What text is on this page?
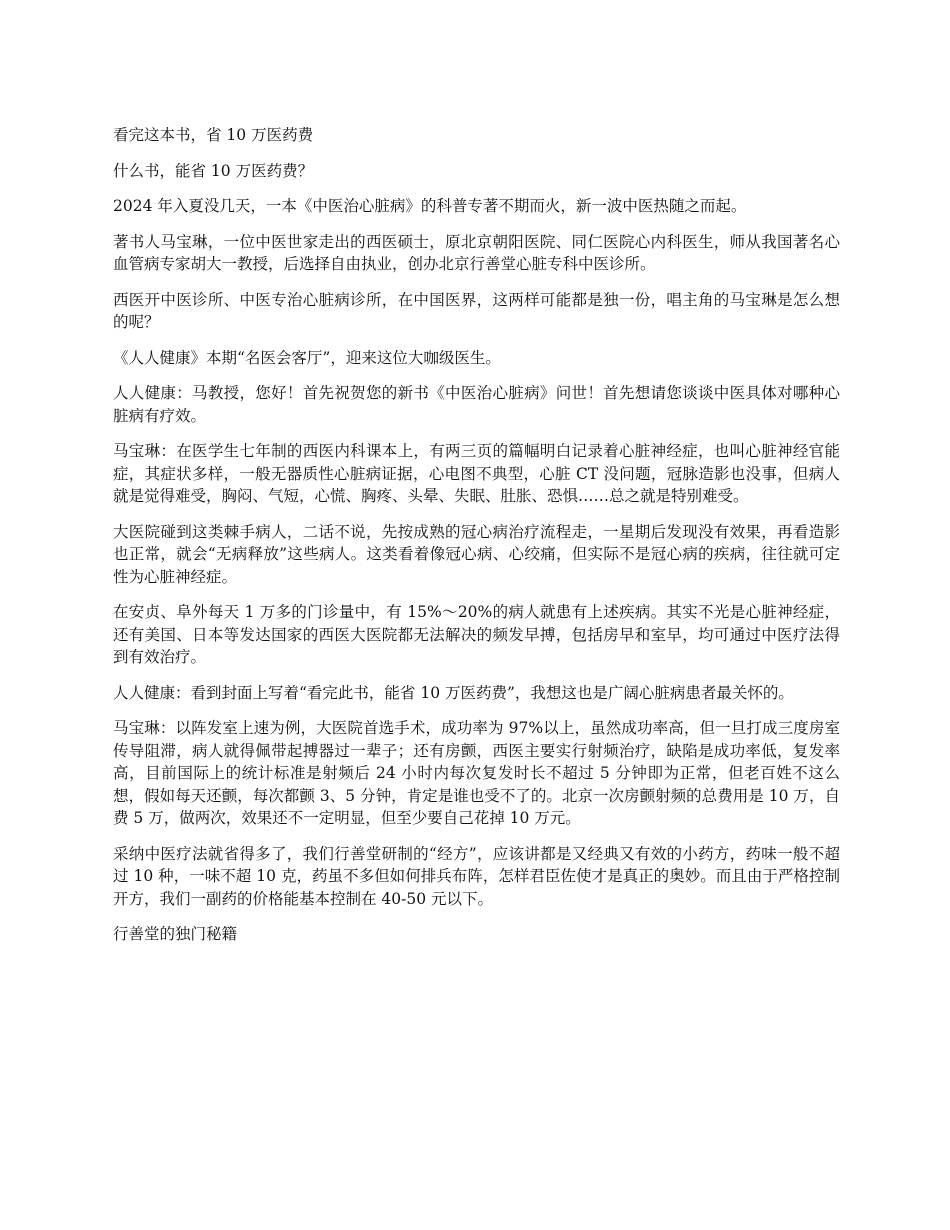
看完这本书，省 10 万医药费

什么书，能省 10 万医药费？

2024 年入夏没几天，一本《中医治心脏病》的科普专著不期而火，新一波中医热随之而起。

著书人马宝琳，一位中医世家走出的西医硕士，原北京朝阳医院、同仁医院心内科医生，师从我国著名心血管病专家胡大一教授，后选择自由执业，创办北京行善堂心脏专科中医诊所。

西医开中医诊所、中医专治心脏病诊所，在中国医界，这两样可能都是独一份，唱主角的马宝琳是怎么想的呢？

《人人健康》本期“名医会客厅”，迎来这位大咖级医生。

人人健康：马教授，您好！首先祝贺您的新书《中医治心脏病》问世！首先想请您谈谈中医具体对哪种心脏病有疗效。

马宝琳：在医学生七年制的西医内科课本上，有两三页的篇幅明白记录着心脏神经症，也叫心脏神经官能症，其症状多样，一般无器质性心脏病证据，心电图不典型，心脏 CT 没问题，冠脉造影也没事，但病人就是觉得难受，胸闷、气短，心慌、胸疼、头晕、失眠、肚胀、恐惧……总之就是特别难受。

大医院碰到这类棘手病人，二话不说，先按成熟的冠心病治疗流程走，一星期后发现没有效果，再看造影也正常，就会“无病释放”这些病人。这类看着像冠心病、心绞痛，但实际不是冠心病的疾病，往往就可定性为心脏神经症。

在安贞、阜外每天 1 万多的门诊量中，有 15%～20%的病人就患有上述疾病。其实不光是心脏神经症，还有美国、日本等发达国家的西医大医院都无法解决的频发早搏，包括房早和室早，均可通过中医疗法得到有效治疗。

人人健康：看到封面上写着“看完此书，能省 10 万医药费”，我想这也是广阔心脏病患者最关怀的。

马宝琳：以阵发室上速为例，大医院首选手术，成功率为 97%以上，虽然成功率高，但一旦打成三度房室传导阻滞，病人就得佩带起搏器过一辈子；还有房颤，西医主要实行射频治疗，缺陷是成功率低，复发率高，目前国际上的统计标准是射频后 24 小时内每次复发时长不超过 5 分钟即为正常，但老百姓不这么想，假如每天还颤，每次都颤 3、5 分钟，肯定是谁也受不了的。北京一次房颤射频的总费用是 10 万，自费 5 万，做两次，效果还不一定明显，但至少要自己花掉 10 万元。

采纳中医疗法就省得多了，我们行善堂研制的“经方”，应该讲都是又经典又有效的小药方，药味一般不超过 10 种，一味不超 10 克，药虽不多但如何排兵布阵，怎样君臣佐使才是真正的奥妙。而且由于严格控制开方，我们一副药的价格能基本控制在 40-50 元以下。

行善堂的独门秘籍
